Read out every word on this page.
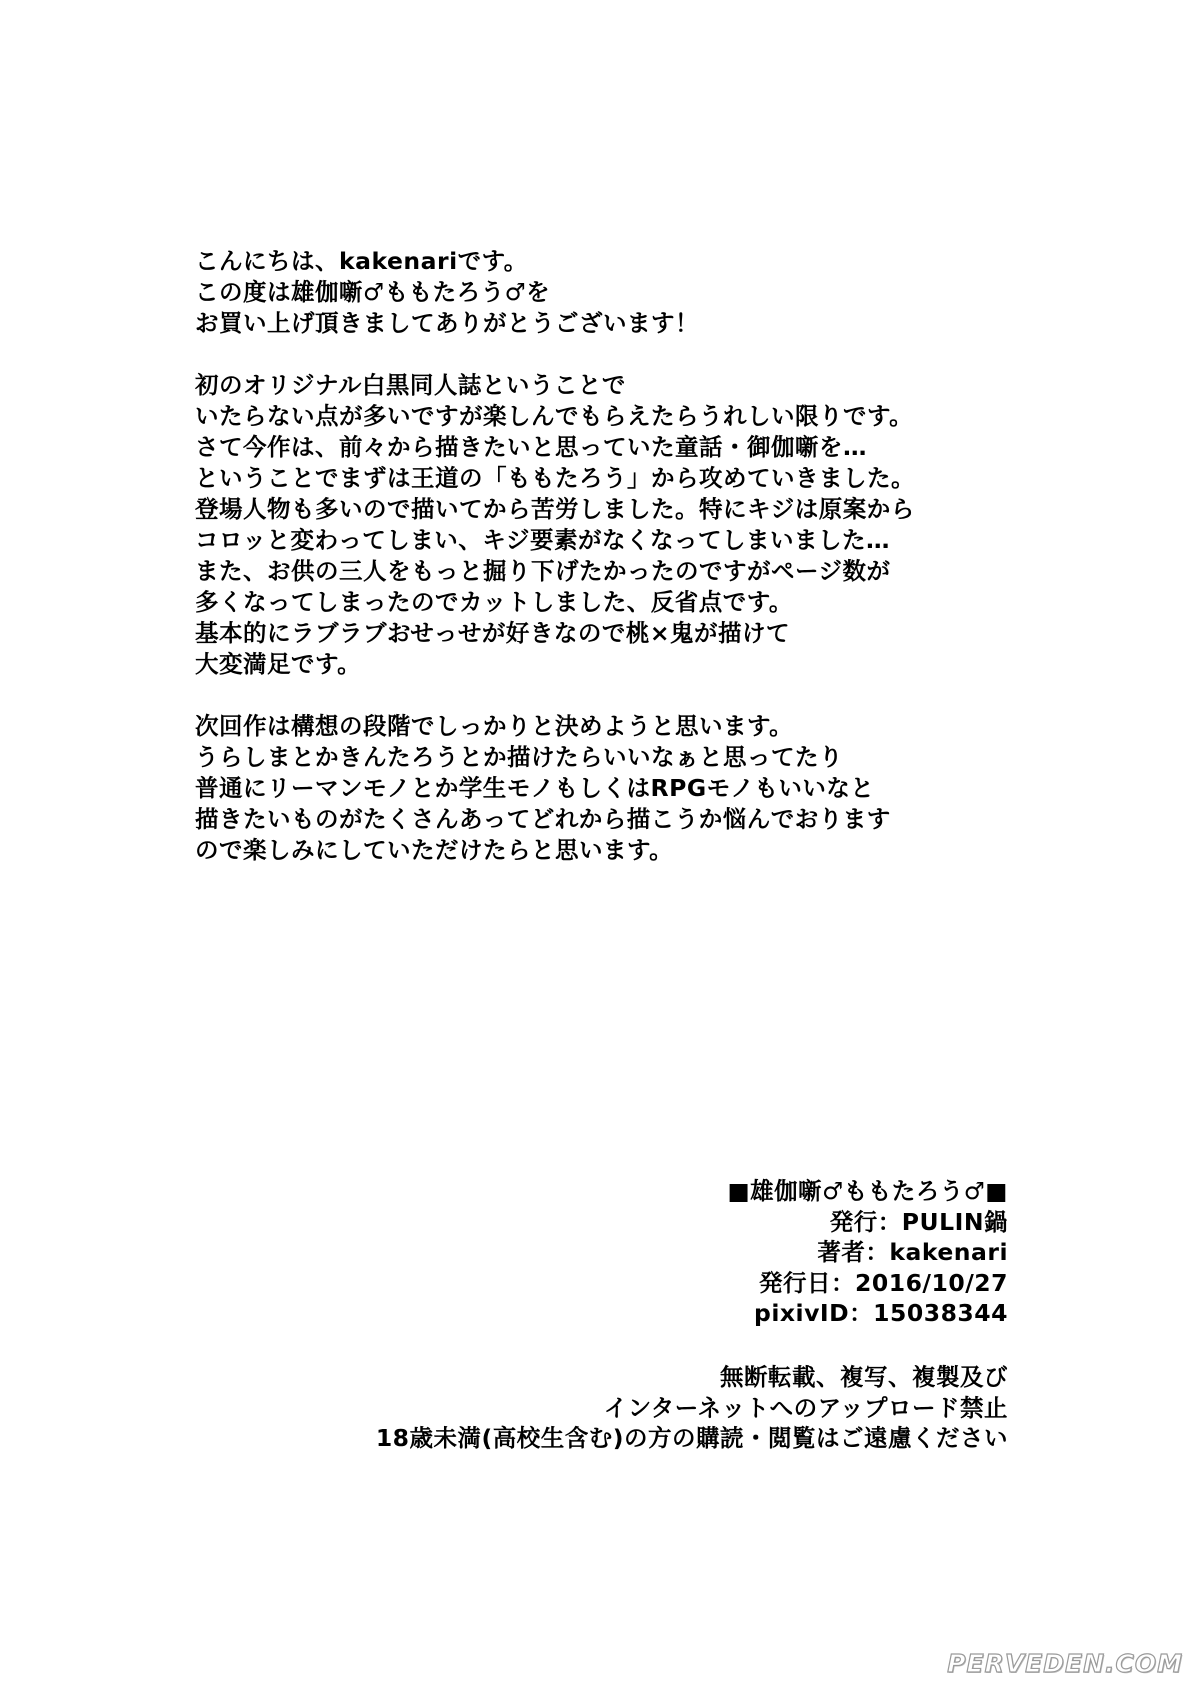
こんにちは、kakenariです。
この度は雄伽噺♂ももたろう♂を
お買い上げ頂きましてありがとうございます！
初のオリジナル白黒同人誌ということで
いたらない点が多いですが楽しんでもらえたらうれしい限りです。
さて今作は、前々から描きたいと思っていた童話・御伽噺を…
ということでまずは王道の「ももたろう」から攻めていきました。
登場人物も多いので描いてから苦労しました。特にキジは原案から
コロッと変わってしまい、キジ要素がなくなってしまいました…
また、お供の三人をもっと掘り下げたかったのですがページ数が
多くなってしまったのでカットしました、反省点です。
基本的にラブラブおせっせが好きなので桃×鬼が描けて
大変満足です。
次回作は構想の段階でしっかりと決めようと思います。
うらしまとかきんたろうとか描けたらいいなぁと思ってたり
普通にリーマンモノとか学生モノもしくはRPGモノもいいなと
描きたいものがたくさんあってどれから描こうか悩んでおります
ので楽しみにしていただけたらと思います。
■雄伽噺♂ももたろう♂■
発行：PULIN鍋
著者：kakenari
発行日：2016/10/27
pixivID：15038344
無断転載、複写、複製及び
インターネットへのアップロード禁止
18歳未満(高校生含む)の方の購読・閲覧はご遠慮ください
PERVEDEN.COM
